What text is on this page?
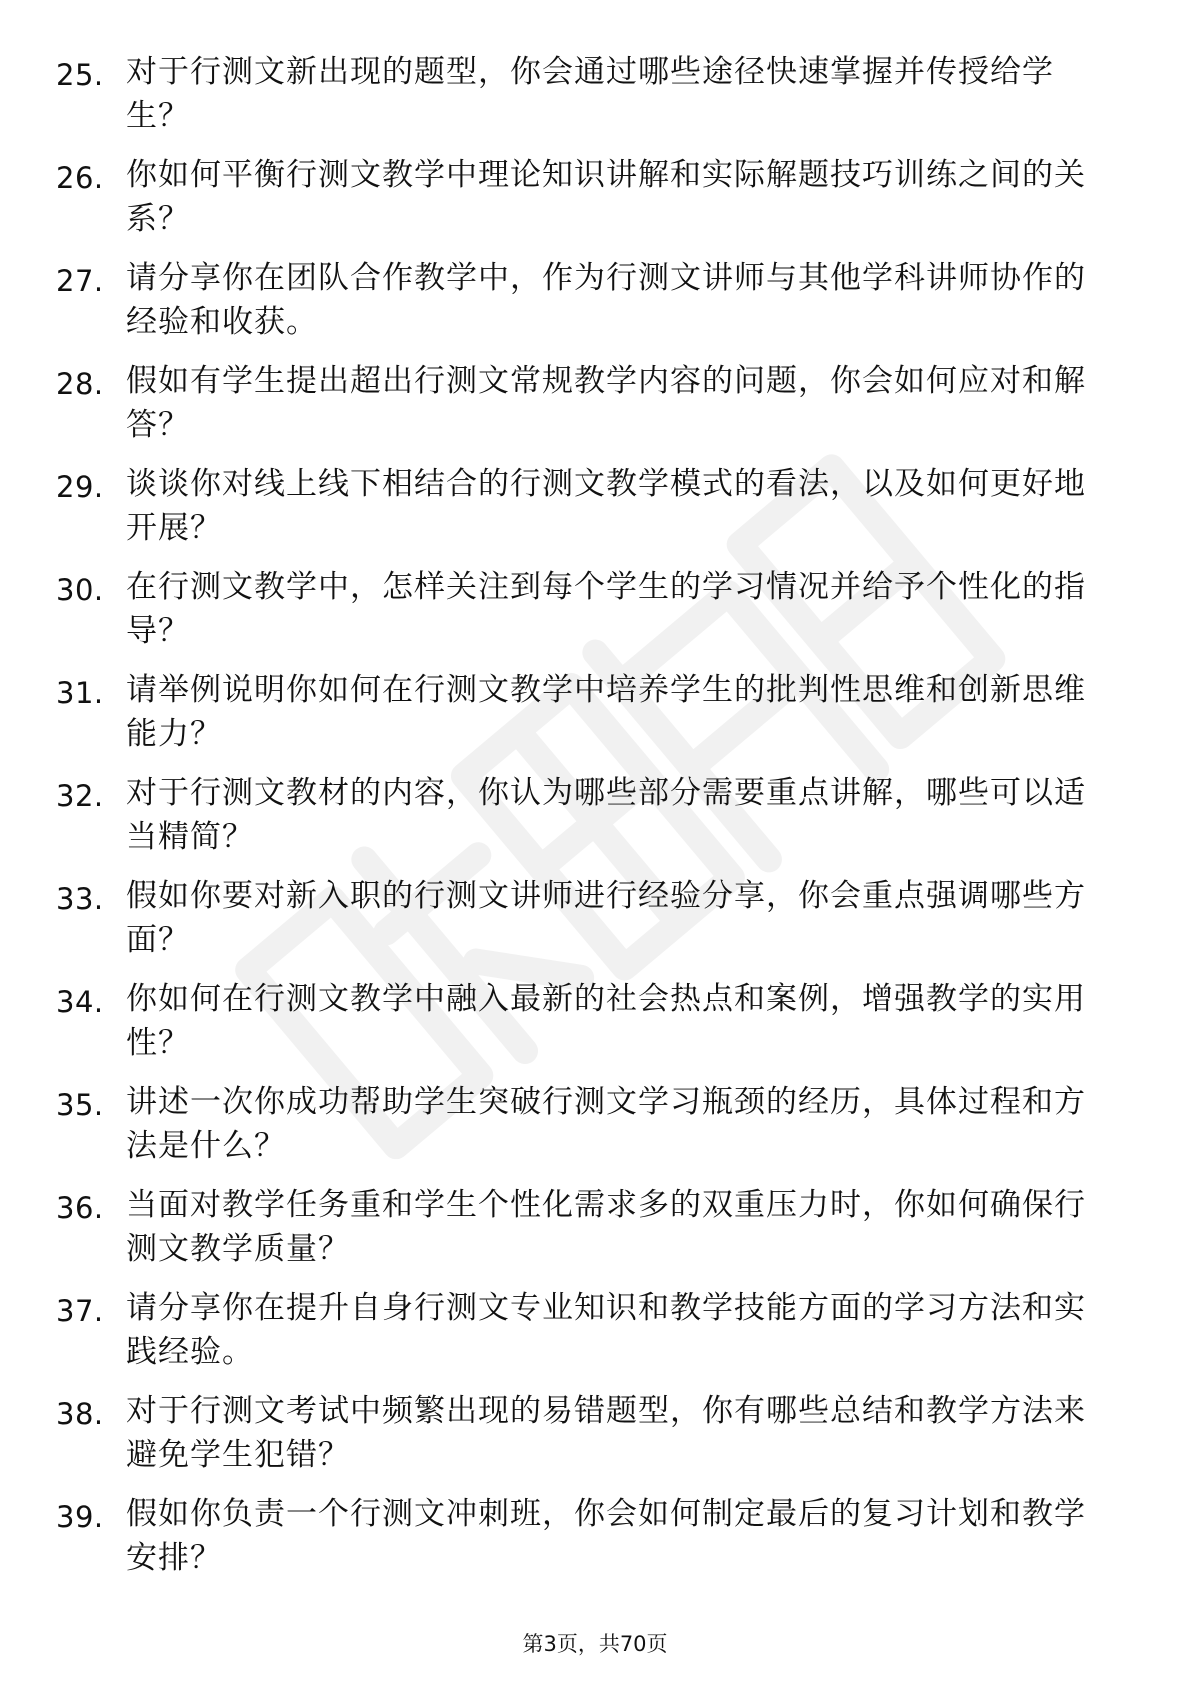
25. 对于行测文新出现的题型，你会通过哪些途径快速掌握并传授给学生？
26. 你如何平衡行测文教学中理论知识讲解和实际解题技巧训练之间的关系？
27. 请分享你在团队合作教学中，作为行测文讲师与其他学科讲师协作的经验和收获。
28. 假如有学生提出超出行测文常规教学内容的问题，你会如何应对和解答？
29. 谈谈你对线上线下相结合的行测文教学模式的看法，以及如何更好地开展？
30. 在行测文教学中，怎样关注到每个学生的学习情况并给予个性化的指导？
31. 请举例说明你如何在行测文教学中培养学生的批判性思维和创新思维能力？
32. 对于行测文教材的内容，你认为哪些部分需要重点讲解，哪些可以适当精简？
33. 假如你要对新入职的行测文讲师进行经验分享，你会重点强调哪些方面？
34. 你如何在行测文教学中融入最新的社会热点和案例，增强教学的实用性？
35. 讲述一次你成功帮助学生突破行测文学习瓶颈的经历，具体过程和方法是什么？
36. 当面对教学任务重和学生个性化需求多的双重压力时，你如何确保行测文教学质量？
37. 请分享你在提升自身行测文专业知识和教学技能方面的学习方法和实践经验。
38. 对于行测文考试中频繁出现的易错题型，你有哪些总结和教学方法来避免学生犯错？
39. 假如你负责一个行测文冲刺班，你会如何制定最后的复习计划和教学安排？
第3页，共70页
